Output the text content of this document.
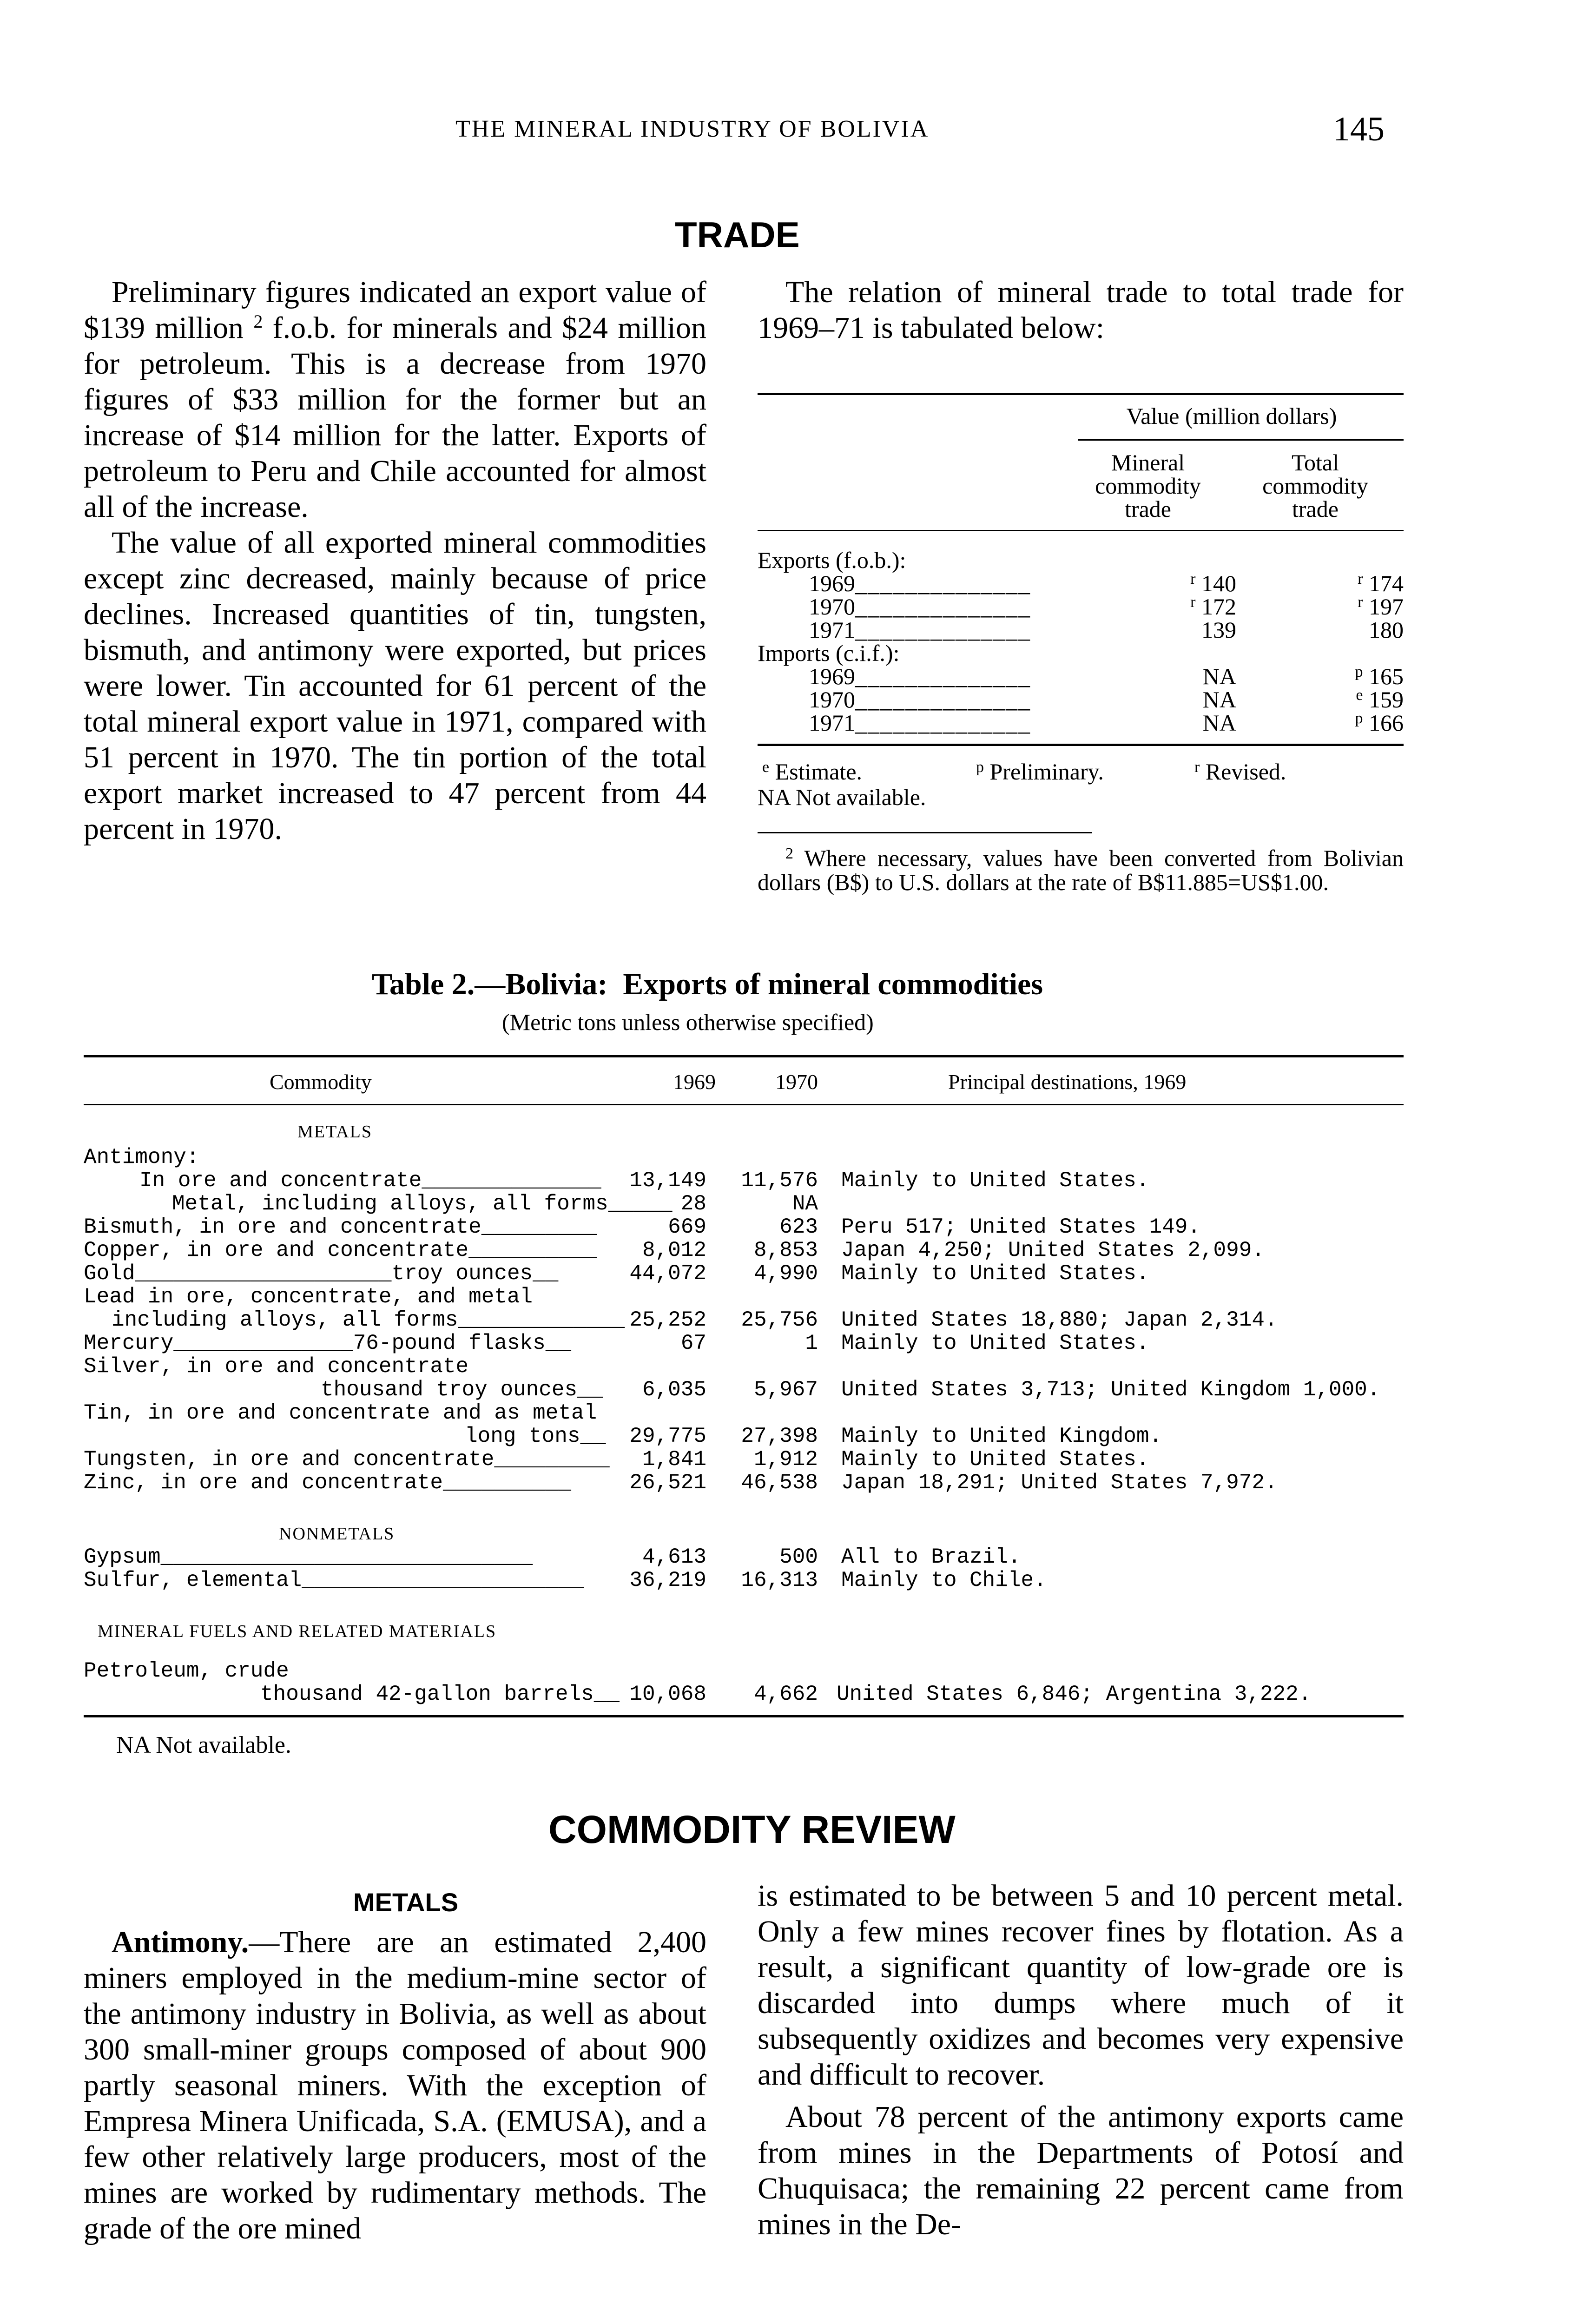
THE MINERAL INDUSTRY OF BOLIVIA	145
TRADE

Preliminary figures indicated an export value of $139 million $^2$ f.o.b. for minerals and $24 million for petroleum. This is a decrease from 1970 figures of $33 million for the former but an increase of $14 million for the latter. Exports of petroleum to Peru and Chile accounted for almost all of the increase.

The value of all exported mineral commodities except zinc decreased, mainly because of price declines. Increased quantities of tin, tungsten, bismuth, and antimony were exported, but prices were lower. Tin accounted for 61 percent of the total mineral export value in 1971, compared with 51 percent in 1970. The tin portion of the total export market increased to 47 percent from 44 percent in 1970.

The relation of mineral trade to total trade for 1969–71 is tabulated below:

Value (million dollars)
Mineral
commodity
trade
Total
commodity
trade
Exports (f.o.b.):
1969______________	$^r$ 140	$^r$ 174
1970______________	$^r$ 172	$^r$ 197
1971______________	139	180
Imports (c.i.f.):
1969______________	NA	$^p$ 165
1970______________	NA	$^e$ 159
1971______________	NA	$^p$ 166
$^e$ Estimate.	$^p$ Preliminary.	$^r$ Revised.
NA Not available.
$^2$ Where necessary, values have been converted from Bolivian dollars (B$) to U.S. dollars at the rate of B$11.885=US$1.00.
Table 2.—Bolivia: Exports of mineral commodities
(Metric tons unless otherwise specified)
Commodity	1969	1970	Principal destinations, 1969
METALS
Antimony:
In ore and concentrate______________	13,149	11,576 Mainly to United States.
Metal, including alloys, all forms_____ 28	NA
Bismuth, in ore and concentrate_________	669	623 Peru 517; United States 149.
Copper, in ore and concentrate__________	8,012	8,853 Japan 4,250; United States 2,099.
Gold____________________troy ounces__	44,072	4,990 Mainly to United States.
Lead in ore, concentrate, and metal
including alloys, all forms_____________ 25,252	25,756 United States 18,880; Japan 2,314.
Mercury______________76-pound flasks__	67	1 Mainly to United States.
Silver, in ore and concentrate
thousand troy ounces__	6,035	5,967 United States 3,713; United Kingdom 1,000.
Tin, in ore and concentrate and as metal
long tons__	29,775	27,398 Mainly to United Kingdom.
Tungsten, in ore and concentrate_________	1,841	1,912 Mainly to United States.
Zinc, in ore and concentrate__________	26,521	46,538 Japan 18,291; United States 7,972.
NONMETALS
Gypsum_____________________________	4,613	500 All to Brazil.
Sulfur, elemental______________________	36,219	16,313 Mainly to Chile.
MINERAL FUELS AND RELATED MATERIALS
Petroleum, crude
thousand 42-gallon barrels__ 10,068	4,662 United States 6,846; Argentina 3,222.
NA Not available.
COMMODITY REVIEW
METALS

Antimony.—There are an estimated 2,400 miners employed in the medium-mine sector of the antimony industry in Bolivia, as well as about 300 small-miner groups composed of about 900 partly seasonal miners. With the exception of Empresa Minera Unificada, S.A. (EMUSA), and a few other relatively large producers, most of the mines are worked by rudimentary methods. The grade of the ore mined

is estimated to be between 5 and 10 percent metal. Only a few mines recover fines by flotation. As a result, a significant quantity of low-grade ore is discarded into dumps where much of it subsequently oxidizes and becomes very expensive and difficult to recover.

About 78 percent of the antimony exports came from mines in the Departments of Potosí and Chuquisaca; the remaining 22 percent came from mines in the De-
